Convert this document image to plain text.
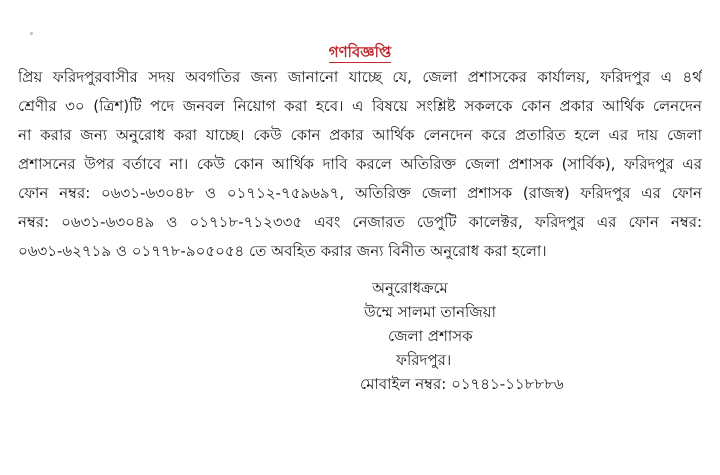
গণবিজ্ঞপ্তি
প্রিয় ফরিদপুরবাসীর সদয় অবগতির জন্য জানানো যাচ্ছে যে, জেলা প্রশাসকের কার্যালয়, ফরিদপুর এ ৪র্থ
শ্রেণীর ৩০ (ত্রিশ)টি পদে জনবল নিয়োগ করা হবে। এ বিষয়ে সংশ্লিষ্ট সকলকে কোন প্রকার আর্থিক লেনদেন
না করার জন্য অনুরোধ করা যাচ্ছে। কেউ কোন প্রকার আর্থিক লেনদেন করে প্রতারিত হলে এর দায় জেলা
প্রশাসনের উপর বর্তাবে না। কেউ কোন আর্থিক দাবি করলে অতিরিক্ত জেলা প্রশাসক (সার্বিক), ফরিদপুর এর
ফোন নম্বর: ০৬৩১-৬৩০৪৮ ও ০১৭১২-৭৫৯৬৯৭, অতিরিক্ত জেলা প্রশাসক (রাজস্ব) ফরিদপুর এর ফোন
নম্বর: ০৬৩১-৬৩০৪৯ ও ০১৭১৮-৭১২৩৩৫ এবং নেজারত ডেপুটি কালেক্টর, ফরিদপুর এর ফোন নম্বর:
০৬৩১-৬২৭১৯ ও ০১৭৭৮-৯০৫০৫৪ তে অবহিত করার জন্য বিনীত অনুরোধ করা হলো।
অনুরোধক্রমে
উম্মে সালমা তানজিয়া
জেলা প্রশাসক
ফরিদপুর।
মোবাইল নম্বর: ০১৭৪১-১১৮৮৮৬
